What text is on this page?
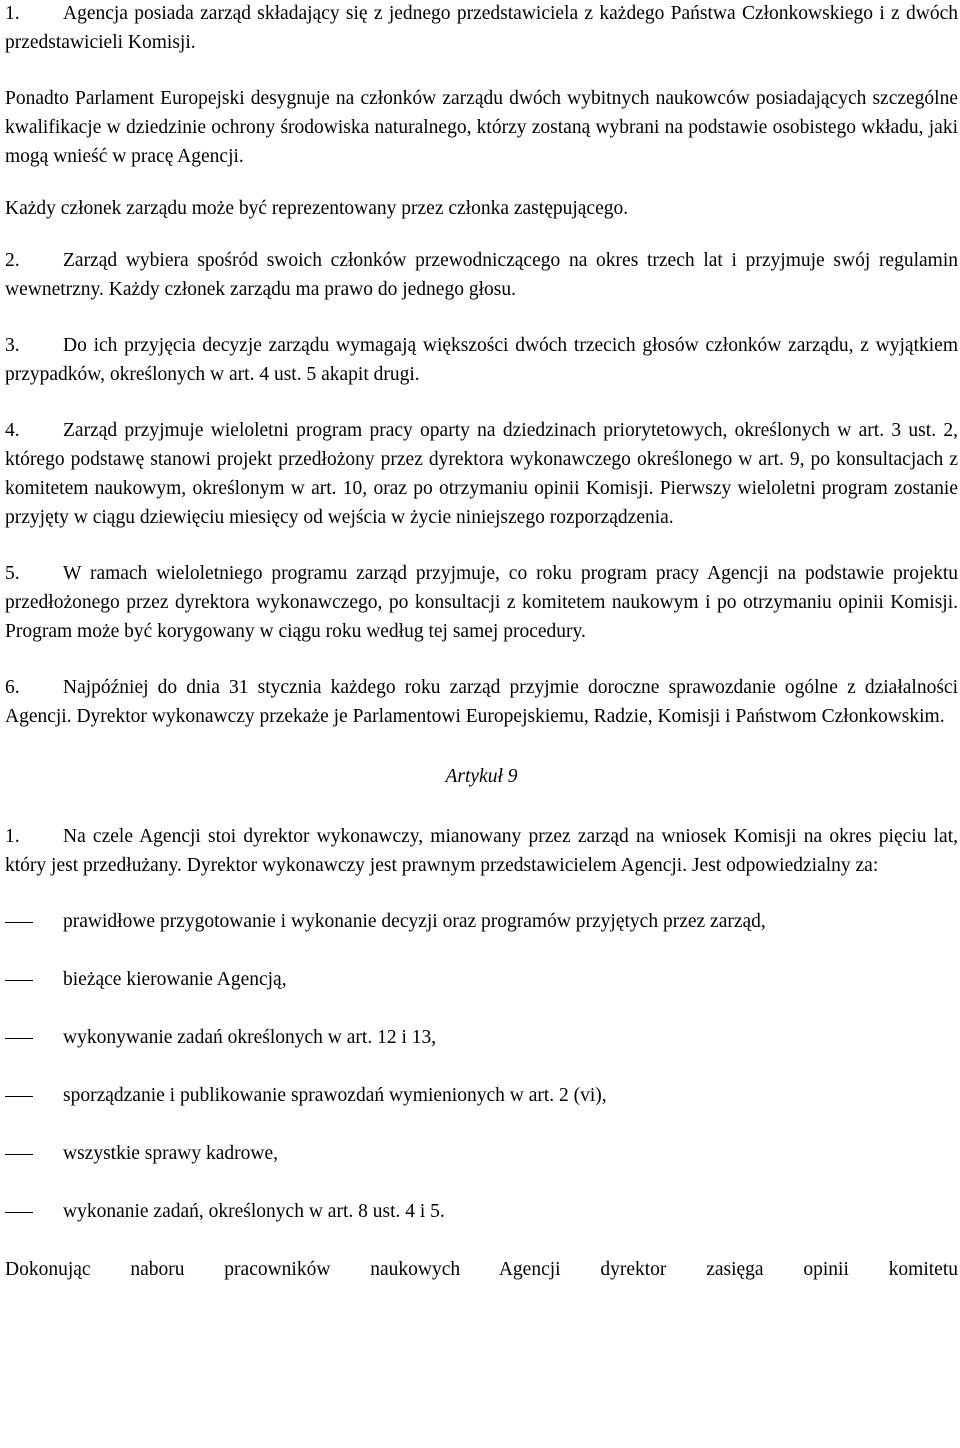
1. Agencja posiada zarząd składający się z jednego przedstawiciela z każdego Państwa Członkowskiego i z dwóch przedstawicieli Komisji.

Ponadto Parlament Europejski desygnuje na członków zarządu dwóch wybitnych naukowców posiadających szczególne kwalifikacje w dziedzinie ochrony środowiska naturalnego, którzy zostaną wybrani na podstawie osobistego wkładu, jaki mogą wnieść w pracę Agencji.

Każdy członek zarządu może być reprezentowany przez członka zastępującego.

2. Zarząd wybiera spośród swoich członków przewodniczącego na okres trzech lat i przyjmuje swój regulamin wewnetrzny. Każdy członek zarządu ma prawo do jednego głosu.

3. Do ich przyjęcia decyzje zarządu wymagają większości dwóch trzecich głosów członków zarządu, z wyjątkiem przypadków, określonych w art. 4 ust. 5 akapit drugi.

4. Zarząd przyjmuje wieloletni program pracy oparty na dziedzinach priorytetowych, określonych w art. 3 ust. 2, którego podstawę stanowi projekt przedłożony przez dyrektora wykonawczego określonego w art. 9, po konsultacjach z komitetem naukowym, określonym w art. 10, oraz po otrzymaniu opinii Komisji. Pierwszy wieloletni program zostanie przyjęty w ciągu dziewięciu miesięcy od wejścia w życie niniejszego rozporządzenia.

5. W ramach wieloletniego programu zarząd przyjmuje, co roku program pracy Agencji na podstawie projektu przedłożonego przez dyrektora wykonawczego, po konsultacji z komitetem naukowym i po otrzymaniu opinii Komisji. Program może być korygowany w ciągu roku według tej samej procedury.

6. Najpóźniej do dnia 31 stycznia każdego roku zarząd przyjmie doroczne sprawozdanie ogólne z działalności Agencji. Dyrektor wykonawczy przekaże je Parlamentowi Europejskiemu, Radzie, Komisji i Państwom Członkowskim.

Artykuł 9

1. Na czele Agencji stoi dyrektor wykonawczy, mianowany przez zarząd na wniosek Komisji na okres pięciu lat, który jest przedłużany. Dyrektor wykonawczy jest prawnym przedstawicielem Agencji. Jest odpowiedzialny za:

prawidłowe przygotowanie i wykonanie decyzji oraz programów przyjętych przez zarząd,

bieżące kierowanie Agencją,

wykonywanie zadań określonych w art. 12 i 13,

sporządzanie i publikowanie sprawozdań wymienionych w art. 2 (vi),

wszystkie sprawy kadrowe,

wykonanie zadań, określonych w art. 8 ust. 4 i 5.

Dokonując naboru pracowników naukowych Agencji dyrektor zasięga opinii komitetu
